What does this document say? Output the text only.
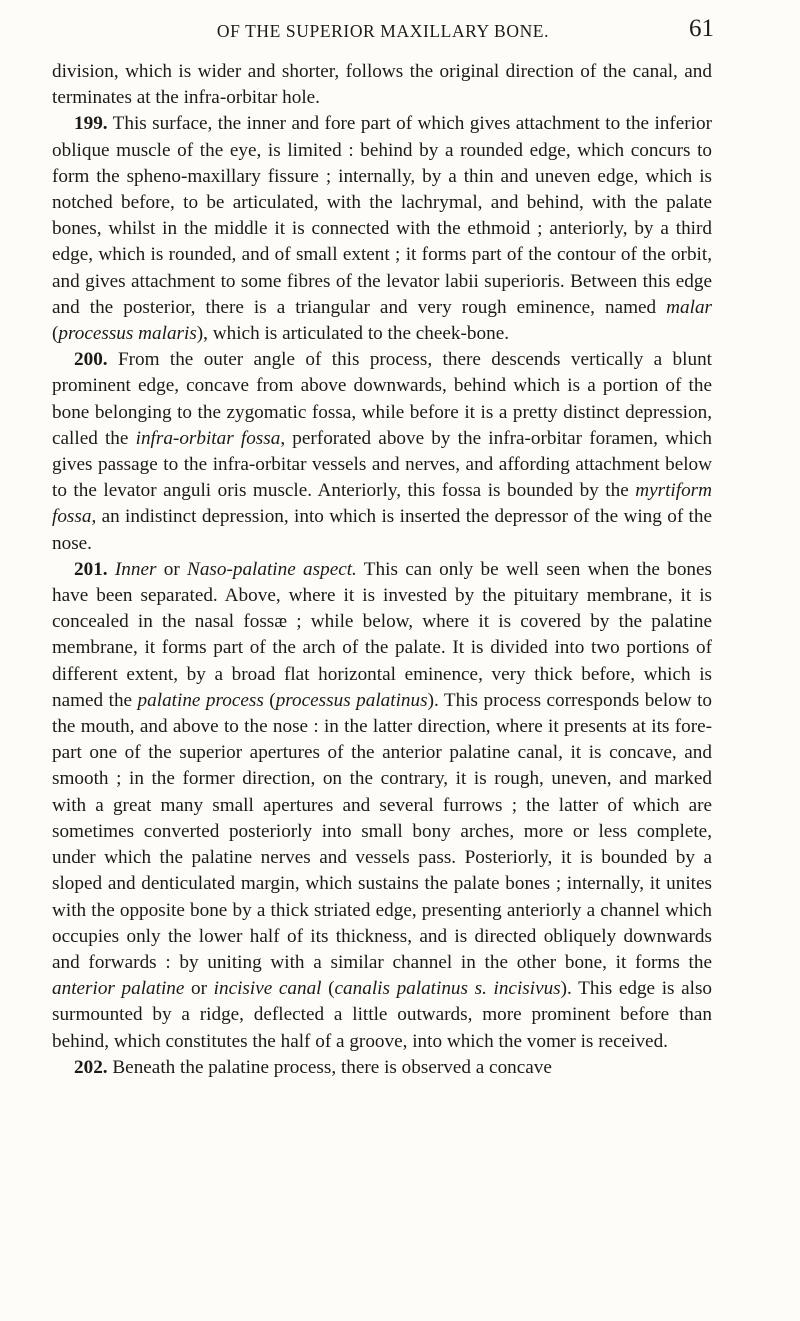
OF THE SUPERIOR MAXILLARY BONE.	61

division, which is wider and shorter, follows the original direction of the canal, and terminates at the infra-orbitar hole.

199. This surface, the inner and fore part of which gives attachment to the inferior oblique muscle of the eye, is limited : behind by a rounded edge, which concurs to form the spheno-maxillary fissure ; internally, by a thin and uneven edge, which is notched before, to be articulated, with the lachrymal, and behind, with the palate bones, whilst in the middle it is connected with the ethmoid ; anteriorly, by a third edge, which is rounded, and of small extent ; it forms part of the contour of the orbit, and gives attachment to some fibres of the levator labii superioris. Between this edge and the posterior, there is a triangular and very rough eminence, named malar (processus malaris), which is articulated to the cheek-bone.

200. From the outer angle of this process, there descends vertically a blunt prominent edge, concave from above downwards, behind which is a portion of the bone belonging to the zygomatic fossa, while before it is a pretty distinct depression, called the infra-orbitar fossa, perforated above by the infra-orbitar foramen, which gives passage to the infra-orbitar vessels and nerves, and affording attachment below to the levator anguli oris muscle. Anteriorly, this fossa is bounded by the myrtiform fossa, an indistinct depression, into which is inserted the depressor of the wing of the nose.

201. Inner or Naso-palatine aspect. This can only be well seen when the bones have been separated. Above, where it is invested by the pituitary membrane, it is concealed in the nasal fossæ ; while below, where it is covered by the palatine membrane, it forms part of the arch of the palate. It is divided into two portions of different extent, by a broad flat horizontal eminence, very thick before, which is named the palatine process (processus palatinus). This process corresponds below to the mouth, and above to the nose : in the latter direction, where it presents at its fore-part one of the superior apertures of the anterior palatine canal, it is concave, and smooth ; in the former direction, on the contrary, it is rough, uneven, and marked with a great many small apertures and several furrows ; the latter of which are sometimes converted posteriorly into small bony arches, more or less complete, under which the palatine nerves and vessels pass. Posteriorly, it is bounded by a sloped and denticulated margin, which sustains the palate bones ; internally, it unites with the opposite bone by a thick striated edge, presenting anteriorly a channel which occupies only the lower half of its thickness, and is directed obliquely downwards and forwards : by uniting with a similar channel in the other bone, it forms the anterior palatine or incisive canal (canalis palatinus s. incisivus). This edge is also surmounted by a ridge, deflected a little outwards, more prominent before than behind, which constitutes the half of a groove, into which the vomer is received.

202. Beneath the palatine process, there is observed a concave
